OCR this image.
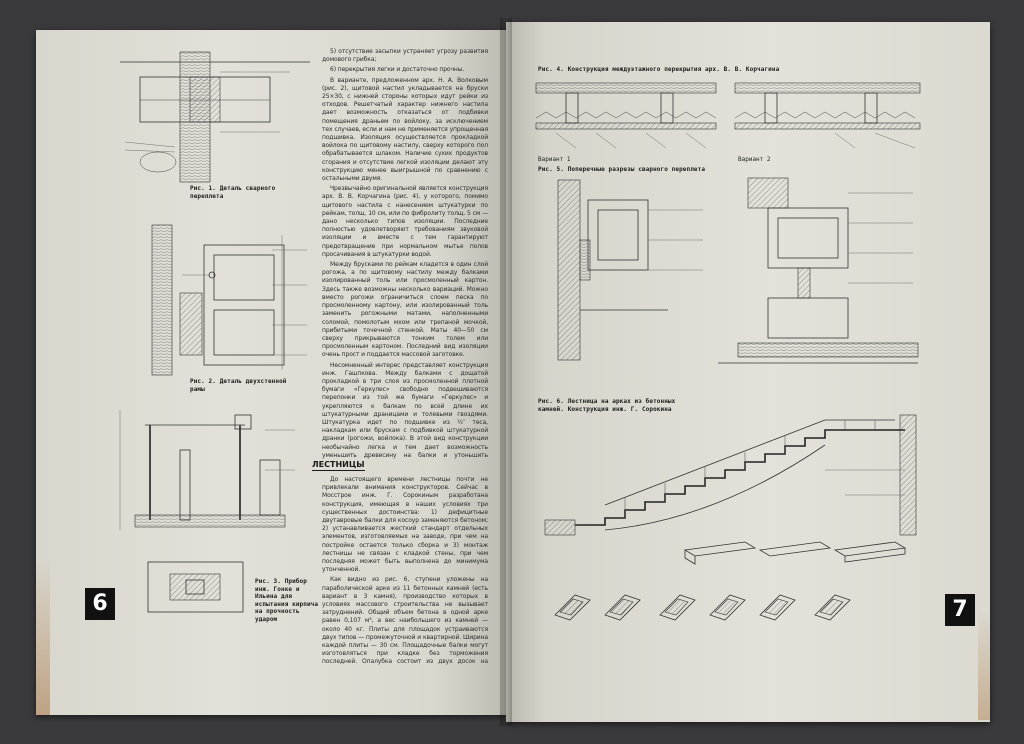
Рис. 1. Деталь сварного переплета
Рис. 2. Деталь двухстенной рамы
Рис. 3. Прибор инж. Гонке и Ильина для испытания кирпича на прочность ударом
6

5) отсутствие засыпки устраняет угрозу развития домового грибка;

6) перекрытия легки и достаточно прочны.

В варианте, предложенном арх. Н. А. Волковым (рис. 2), щитовой настил укладывается на бруски 25×30, с нижней стороны которых идут рейки из отходов. Решетчатый характер нижнего настила дает возможность отказаться от подбивки помещения драньем по войлоку, за исключением тех случаев, если и нам не применяется упрощенная подшивка. Изоляция осуществляется прокладкой войлока по щитовому настилу, сверху которого пол обрабатывается шлаком. Наличие сухих продуктов сгорания и отсутствие легкой изоляции делают эту конструкцию менее выигрышной по сравнению с остальными двумя.

Чрезвычайно оригинальной является конструкция арх. В. В. Корчагина (рис. 4), у которого, помимо щитового настила с нанесением штукатурки по рейкам, толщ. 10 см, или по фибролиту толщ. 5 см — дано несколько типов изоляции. Последние полностью удовлетворяют требованиям звуковой изоляции и вместе с тем гарантируют предотвращение при нормальном мытье полов просачивания в штукатурки водой.

Между брусками по рейкам кладется в один слой рогожа, а по щитовому настилу между балками изолированный толь или просмоленный картон. Здесь также возможны несколько вариаций. Можно вместо рогожи ограничиться слоем песка по просмоленному картону, или изолированный толь заменить рогожными матами, наполненными соломой, помолотым мхом или трепаной мочкой, прибитыми точечной стенкой. Маты 40—50 см сверху прикрываются тонким толем или просмоленным картоном. Последний вид изоляции очень прост и поддается массовой заготовке.

Несомненный интерес представляет конструкция инж. Гашпкова. Между балками с дощатой прокладкой в три слоя из просмоленной плотной бумаги «Геркулес» свободно подвешиваются перепонки из той же бумаги «Геркулес» и укрепляются к балкам по всей длине их штукатурными драницами и толевыми гвоздями. Штукатурка идет по подшивке из ½″ теса, накладкам или брускам с подбивкой штукатурной дранки (рогожи, войлока). В этой вид конструкции необычайно легка и тем дает возможность уменьшить древесину на балки и утоньшить

ЛЕСТНИЦЫ

До настоящего времени лестницы почти не привлекали внимания конструкторов. Сейчас в Мосстрое инж. Г. Сорокиным разработана конструкция, имеющая в наших условиях три существенных достоинства: 1) дефицитные двутавровые балки для косоур заменяются бетоном; 2) устанавливается жесткий стандарт отдельных элементов, изготовляемых на заводе, при чем на постройке остается только сборка и 3) монтаж лестницы не связан с кладкой стены, при чем последняя может быть выполнена до минимума утонченной.

Как видно из рис. 6, ступени уложены на параболической арке из 11 бетонных камней (есть вариант в 3 камня), производство которых в условиях массового строительства не вызывает затруднений. Общий объем бетона в одной арке равен 0,107 м³, а вес наибольшего из камней — около 40 кг. Плиты для площадок устраиваются двух типов — промежуточной и квартирной. Ширина каждой плиты — 30 см. Площадочные балки могут изготовляться при кладке без торможения последней. Опалубка состоит из двух досок на

Рис. 4. Конструкция междуэтажного перекрытия арх. В. В. Корчагина
Вариант 1	Вариант 2
Рис. 5. Поперечные разрезы сварного переплета
Рис. 6. Лестница на арках из бетонных
камней. Конструкция инж. Г. Сорокина
7
